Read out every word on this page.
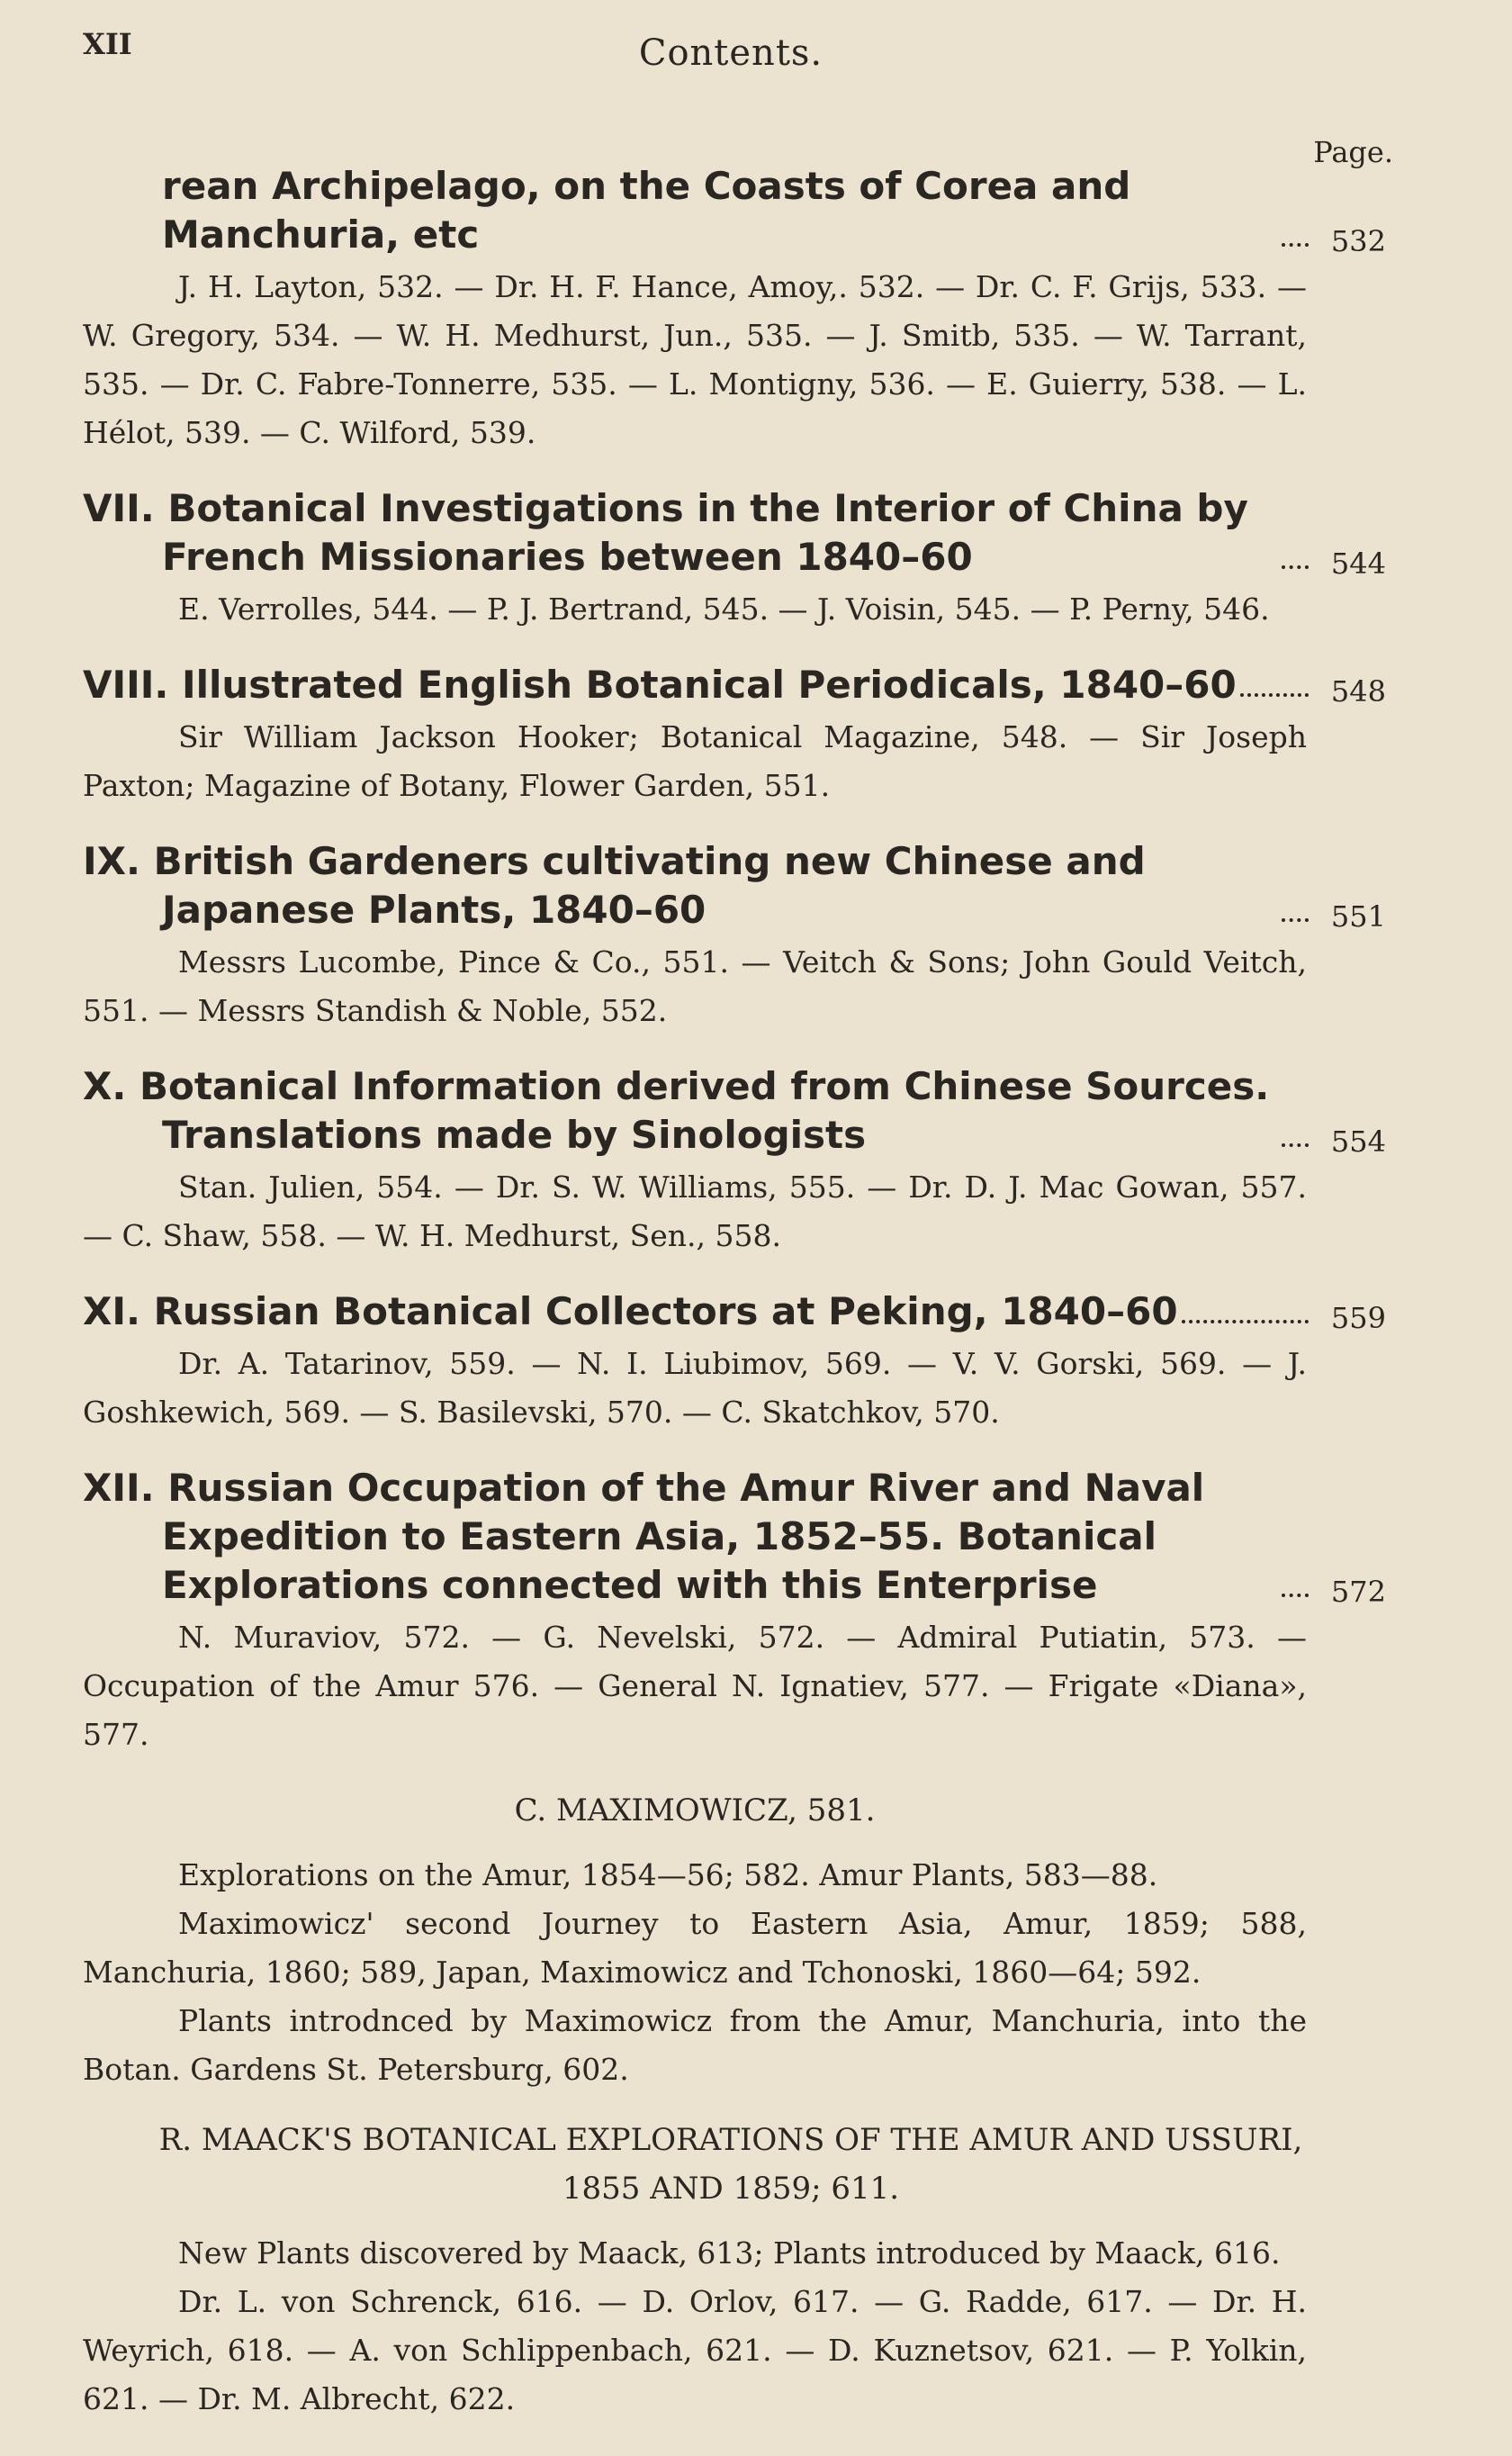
XII	Contents.
Page.
rean Archipelago, on the Coasts of Corea and Manchuria, etc	532
J. H. Layton, 532. — Dr. H. F. Hance, Amoy,. 532. — Dr. C. F. Grijs, 533. — W. Gregory, 534. — W. H. Medhurst, Jun., 535. — J. Smitb, 535. — W. Tarrant, 535. — Dr. C. Fabre-Tonnerre, 535. — L. Montigny, 536. — E. Guierry, 538. — L. Hélot, 539. — C. Wilford, 539.
VII. Botanical Investigations in the Interior of China by French Missionaries between 1840–60	544
E. Verrolles, 544. — P. J. Bertrand, 545. — J. Voisin, 545. — P. Perny, 546.
VIII. Illustrated English Botanical Periodicals, 1840–60	548
Sir William Jackson Hooker; Botanical Magazine, 548. — Sir Joseph Paxton; Magazine of Botany, Flower Garden, 551.
IX. British Gardeners cultivating new Chinese and Japanese Plants, 1840–60	551
Messrs Lucombe, Pince & Co., 551. — Veitch & Sons; John Gould Veitch, 551. — Messrs Standish & Noble, 552.
X. Botanical Information derived from Chinese Sources. Translations made by Sinologists	554
Stan. Julien, 554. — Dr. S. W. Williams, 555. — Dr. D. J. Mac Gowan, 557. — C. Shaw, 558. — W. H. Medhurst, Sen., 558.
XI. Russian Botanical Collectors at Peking, 1840–60	559
Dr. A. Tatarinov, 559. — N. I. Liubimov, 569. — V. V. Gorski, 569. — J. Goshkewich, 569. — S. Basilevski, 570. — C. Skatchkov, 570.
XII. Russian Occupation of the Amur River and Naval Expedition to Eastern Asia, 1852–55. Botanical Explorations connected with this Enterprise	572
N. Muraviov, 572. — G. Nevelski, 572. — Admiral Putiatin, 573. — Occupation of the Amur 576. — General N. Ignatiev, 577. — Frigate «Diana», 577.
C. MAXIMOWICZ, 581.
Explorations on the Amur, 1854—56; 582. Amur Plants, 583—88.
Maximowicz' second Journey to Eastern Asia, Amur, 1859; 588, Manchuria, 1860; 589, Japan, Maximowicz and Tchonoski, 1860—64; 592.
Plants introdnced by Maximowicz from the Amur, Manchuria, into the Botan. Gardens St. Petersburg, 602.
R. MAACK'S BOTANICAL EXPLORATIONS OF THE AMUR AND USSURI, 1855 AND 1859; 611.
New Plants discovered by Maack, 613; Plants introduced by Maack, 616.
Dr. L. von Schrenck, 616. — D. Orlov, 617. — G. Radde, 617. — Dr. H. Weyrich, 618. — A. von Schlippenbach, 621. — D. Kuznetsov, 621. — P. Yolkin, 621. — Dr. M. Albrecht, 622.
